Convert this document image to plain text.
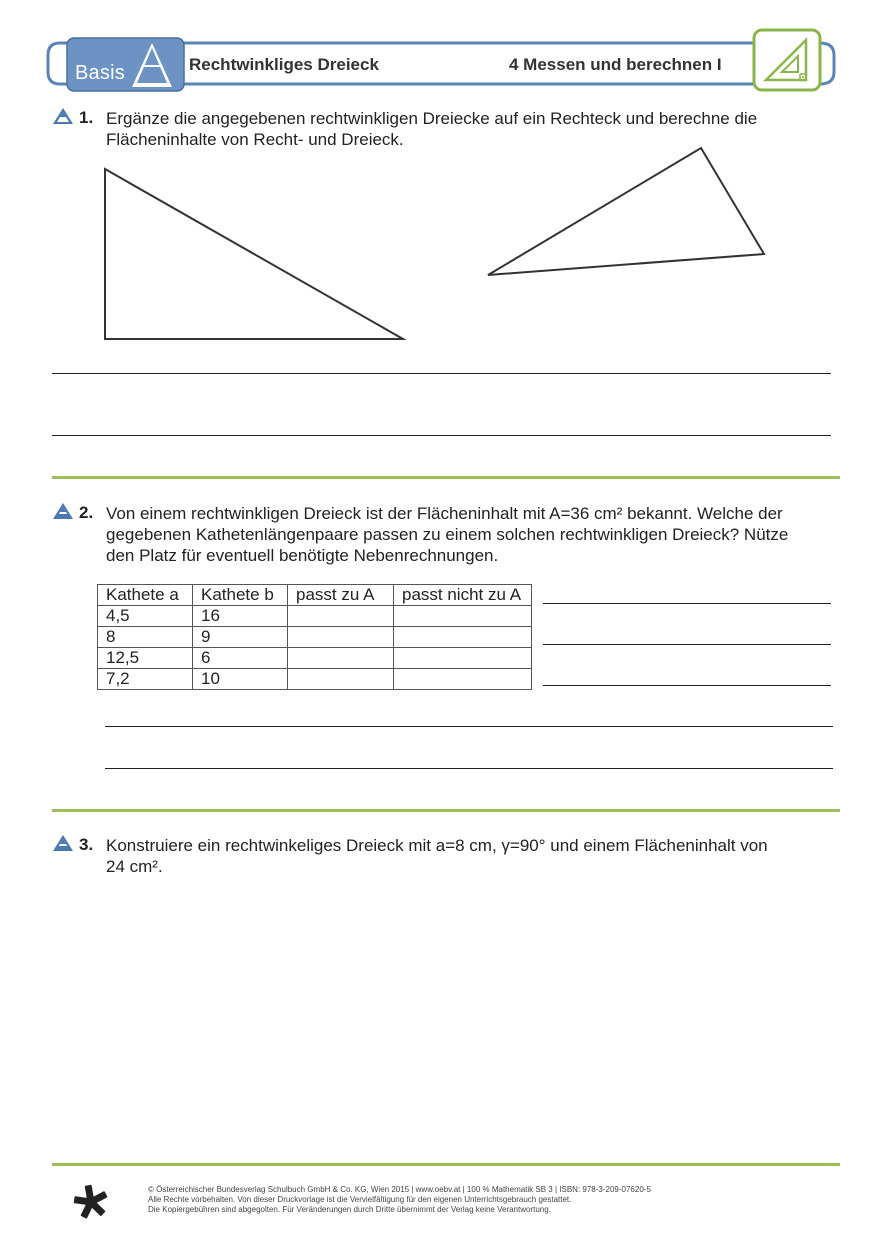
Basis	Rechtwinkliges Dreieck	4 Messen und berechnen I
1. Ergänze die angegebenen rechtwinkligen Dreiecke auf ein Rechteck und berechne die
Flächeninhalte von Recht- und Dreieck.
2. Von einem rechtwinkligen Dreieck ist der Flächeninhalt mit A=36 cm² bekannt. Welche der
gegebenen Kathetenlängenpaare passen zu einem solchen rechtwinkligen Dreieck? Nütze
den Platz für eventuell benötigte Nebenrechnungen.
Kathete a	Kathete b	passt zu A	passt nicht zu A
4,5	16		
8	9		
12,5	6		
7,2	10		
3. Konstruiere ein rechtwinkeliges Dreieck mit a=8 cm, γ=90° und einem Flächeninhalt von
24 cm².
© Österreichischer Bundesverlag Schulbuch GmbH & Co. KG, Wien 2015 | www.oebv.at | 100 % Mathematik SB 3 | ISBN: 978-3-209-07620-5
Alle Rechte vorbehalten. Von dieser Druckvorlage ist die Vervielfältigung für den eigenen Unterrichtsgebrauch gestattet.
Die Kopiergebühren sind abgegolten. Für Veränderungen durch Dritte übernimmt der Verlag keine Verantwortung.
